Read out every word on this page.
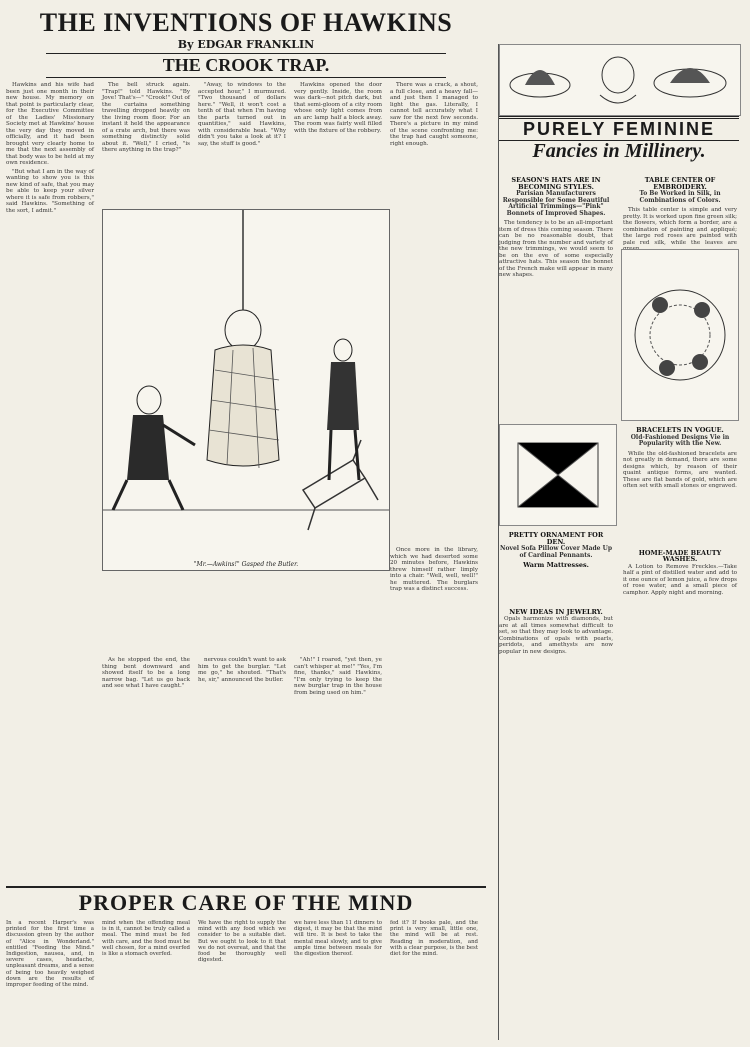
THE INVENTIONS OF HAWKINS
By EDGAR FRANKLIN
THE CROOK TRAP.

Hawkins and his wife had been just one month in their new house. My memory on that point is particularly clear, for the Executive Committee of the Ladies' Missionary Society met at Hawkins' house the very day they moved in officially, and it had been brought very clearly home to me that the next assembly of that body was to be held at my own residence.

"But what I am in the way of wanting to show you is this new kind of safe, that you may be able to keep your silver where it is safe from robbers," said Hawkins. "Something of the sort, I admit."

The bell struck again. "Trap!" told Hawkins. "By Jove! That's—" "Crook!" Out of the curtains something travelling dropped heavily on the living room floor. For an instant it held the appearance of a crate arch, but there was something distinctly solid about it. "Well," I cried, "is there anything in the trap?"

"Away, to windows to the accepted hour," I murmured. "Two thousand of dollars here." "Well, it won't cost a tenth of that when I'm having the parts turned out in quantities," said Hawkins, with considerable heat. "Why didn't you take a look at it? I say, the stuff is good."

Hawkins opened the door very gently. Inside, the room was dark—not pitch dark, but that semi-gloom of a city room whose only light comes from an arc lamp half a block away. The room was fairly well filled with the fixture of the robbery.

There was a crack, a shout, a full close, and a heavy fall—and just then I managed to light the gas. Literally, I cannot tell accurately what I saw for the next few seconds. There's a picture in my mind of the scene confronting me: the trap had caught someone, right enough.

Once more in the library, which we had deserted some 20 minutes before, Hawkins threw himself rather limply into a chair. "Well, well, well!" he muttered. The burglars trap was a distinct success.

As he stopped the end, the thing bent downward and showed itself to be a long narrow bag. "Let us go back and see what I have caught."

nervous couldn't want to ask him to get the burglar. "Let me go," he shouted. "That's he, sir," announced the butler.

"Ah!" I roared, "yet then, ye can't whisper at me!" "Yes, I'm fine, thanks," said Hawkins, "I'm only trying to keep the new burglar trap in the house from being used on him."

"Mr.—Awkins!" Gasped the Butler.
PROPER CARE OF THE MIND
In a recent Harper's was printed for the first time a discussion given by the author of "Alice in Wonderland." entitled "Feeding the Mind." Indigestion, nausea, and, in severe cases, headache, unpleasant dreams, and a sense of being too heavily weighed down are the results of improper feeding of the mind.
mind when the offending meal is in it, cannot be truly called a meal. The mind must be fed with care, and the food must be well chosen, for a mind overfed is like a stomach overfed.
We have the right to supply the mind with any food which we consider to be a suitable diet. But we ought to look to it that we do not overeat, and that the food be thoroughly well digested.
we have less than 11 dinners to digest, it may be that the mind will tire. It is best to take the mental meal slowly, and to give ample time between meals for the digestion thereof.
fed it? If books pale, and the print is very small, little one, the mind will be at rest. Reading in moderation, and with a clear purpose, is the best diet for the mind.
PURELY FEMININE
Fancies in Millinery.
SEASON'S HATS ARE IN BECOMING STYLES.
Parisian Manufacturers Responsible for Some Beautiful Artificial Trimmings—"Pink" Bonnets of Improved Shapes.

The tendency is to be an all-important item of dress this coming season. There can be no reasonable doubt, that judging from the number and variety of the new trimmings, we would seem to be on the eve of some especially attractive hats. This season the bonnet of the French make will appear in many new shapes.

PRETTY ORNAMENT FOR DEN.
Novel Sofa Pillow Cover Made Up of Cardinal Pennants.
Warm Mattresses.
NEW IDEAS IN JEWELRY.

Opals harmonize with diamonds, but are at all times somewhat difficult to set, so that they may look to advantage. Combinations of opals with pearls, peridots, and amethysts are now popular in new designs.

TABLE CENTER OF EMBROIDERY.
To Be Worked in Silk, in Combinations of Colors.

This table center is simple and very pretty. It is worked upon fine green silk; the flowers, which form a border, are a combination of painting and appliqué; the large red roses are painted with pale red silk, while the leaves are

BRACELETS IN VOGUE.
Old-Fashioned Designs Vie in Popularity with the New.

While the old-fashioned bracelets are not greatly in demand, there are some designs which, by reason of their quaint antique forms, are wanted. These are flat bands of gold, which are often set with small stones or engraved.

HOME-MADE BEAUTY WASHES.

A Lotion to Remove Freckles.—Take half a pint of distilled water and add to it one ounce of lemon juice, a few drops of rose water, and a small piece of camphor. Apply night and morning.
